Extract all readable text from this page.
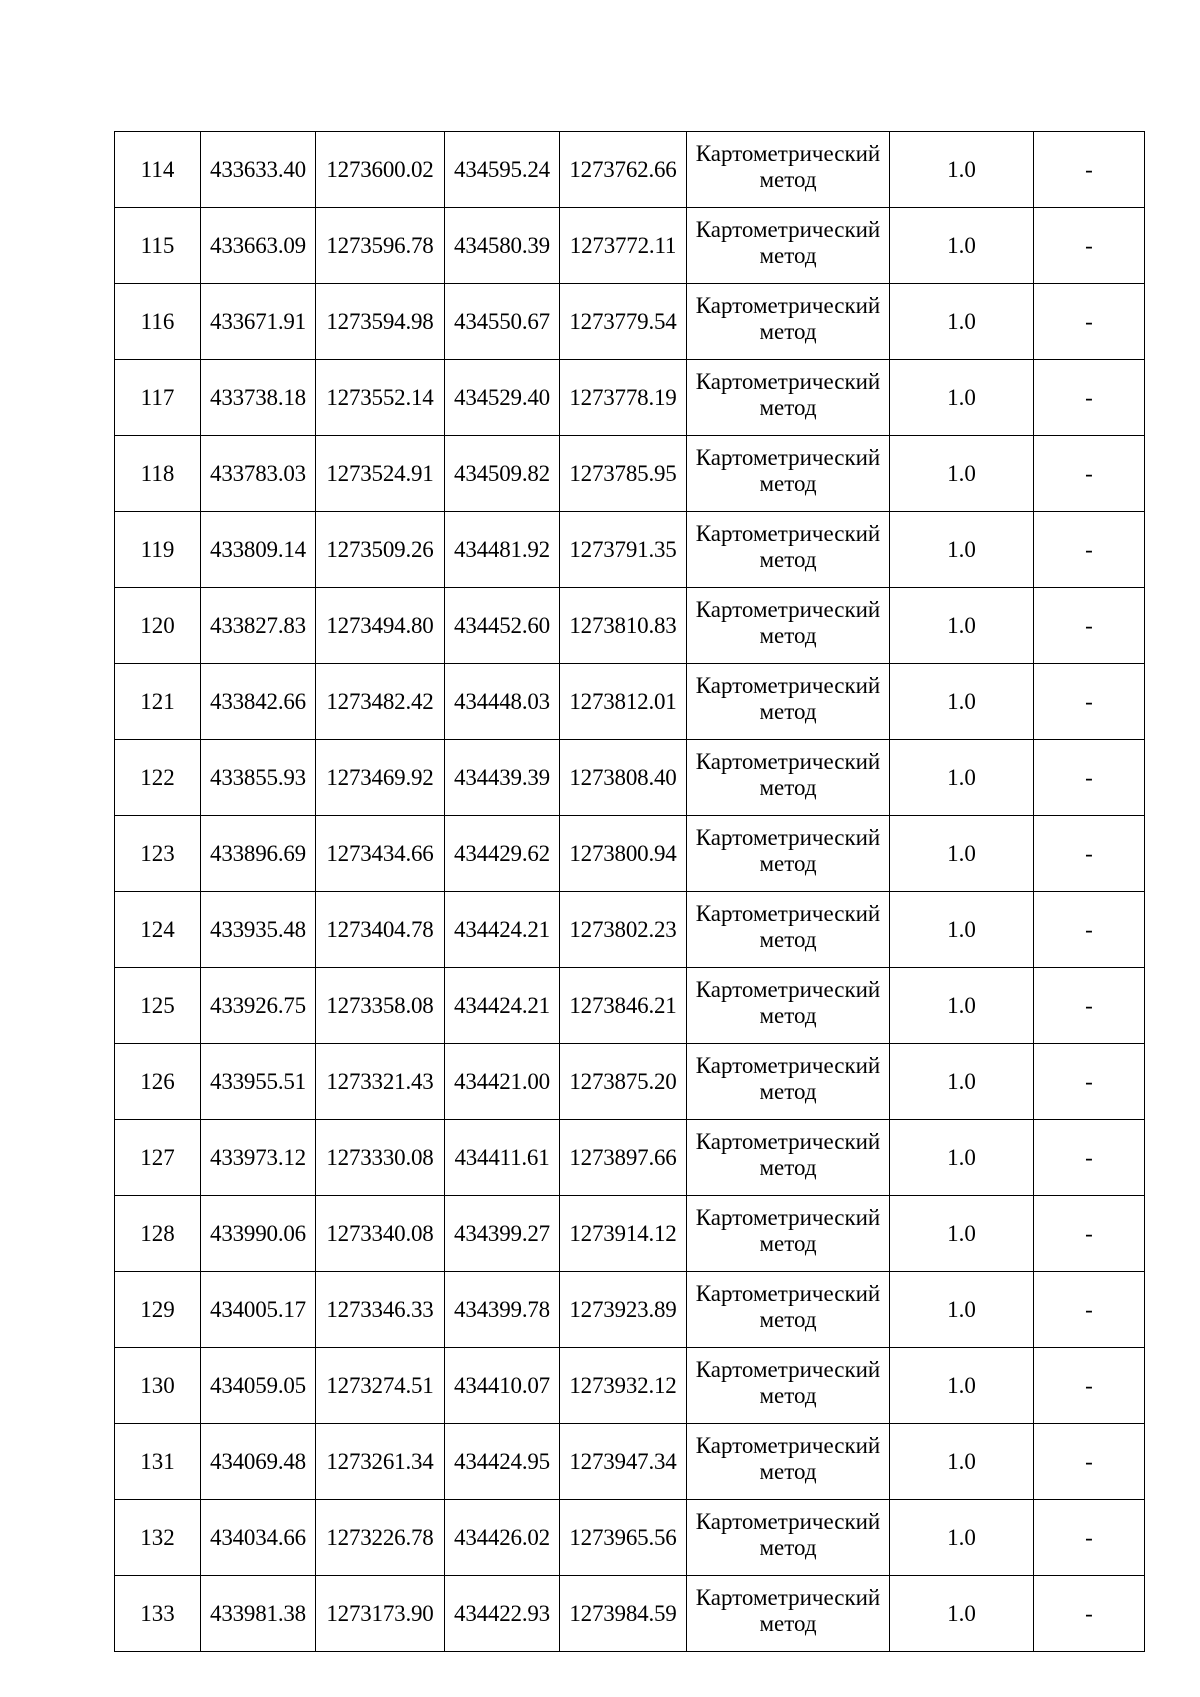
114	433633.40	1273600.02	434595.24	1273762.66	Картометрический метод	1.0	-
115	433663.09	1273596.78	434580.39	1273772.11	Картометрический метод	1.0	-
116	433671.91	1273594.98	434550.67	1273779.54	Картометрический метод	1.0	-
117	433738.18	1273552.14	434529.40	1273778.19	Картометрический метод	1.0	-
118	433783.03	1273524.91	434509.82	1273785.95	Картометрический метод	1.0	-
119	433809.14	1273509.26	434481.92	1273791.35	Картометрический метод	1.0	-
120	433827.83	1273494.80	434452.60	1273810.83	Картометрический метод	1.0	-
121	433842.66	1273482.42	434448.03	1273812.01	Картометрический метод	1.0	-
122	433855.93	1273469.92	434439.39	1273808.40	Картометрический метод	1.0	-
123	433896.69	1273434.66	434429.62	1273800.94	Картометрический метод	1.0	-
124	433935.48	1273404.78	434424.21	1273802.23	Картометрический метод	1.0	-
125	433926.75	1273358.08	434424.21	1273846.21	Картометрический метод	1.0	-
126	433955.51	1273321.43	434421.00	1273875.20	Картометрический метод	1.0	-
127	433973.12	1273330.08	434411.61	1273897.66	Картометрический метод	1.0	-
128	433990.06	1273340.08	434399.27	1273914.12	Картометрический метод	1.0	-
129	434005.17	1273346.33	434399.78	1273923.89	Картометрический метод	1.0	-
130	434059.05	1273274.51	434410.07	1273932.12	Картометрический метод	1.0	-
131	434069.48	1273261.34	434424.95	1273947.34	Картометрический метод	1.0	-
132	434034.66	1273226.78	434426.02	1273965.56	Картометрический метод	1.0	-
133	433981.38	1273173.90	434422.93	1273984.59	Картометрический метод	1.0	-
